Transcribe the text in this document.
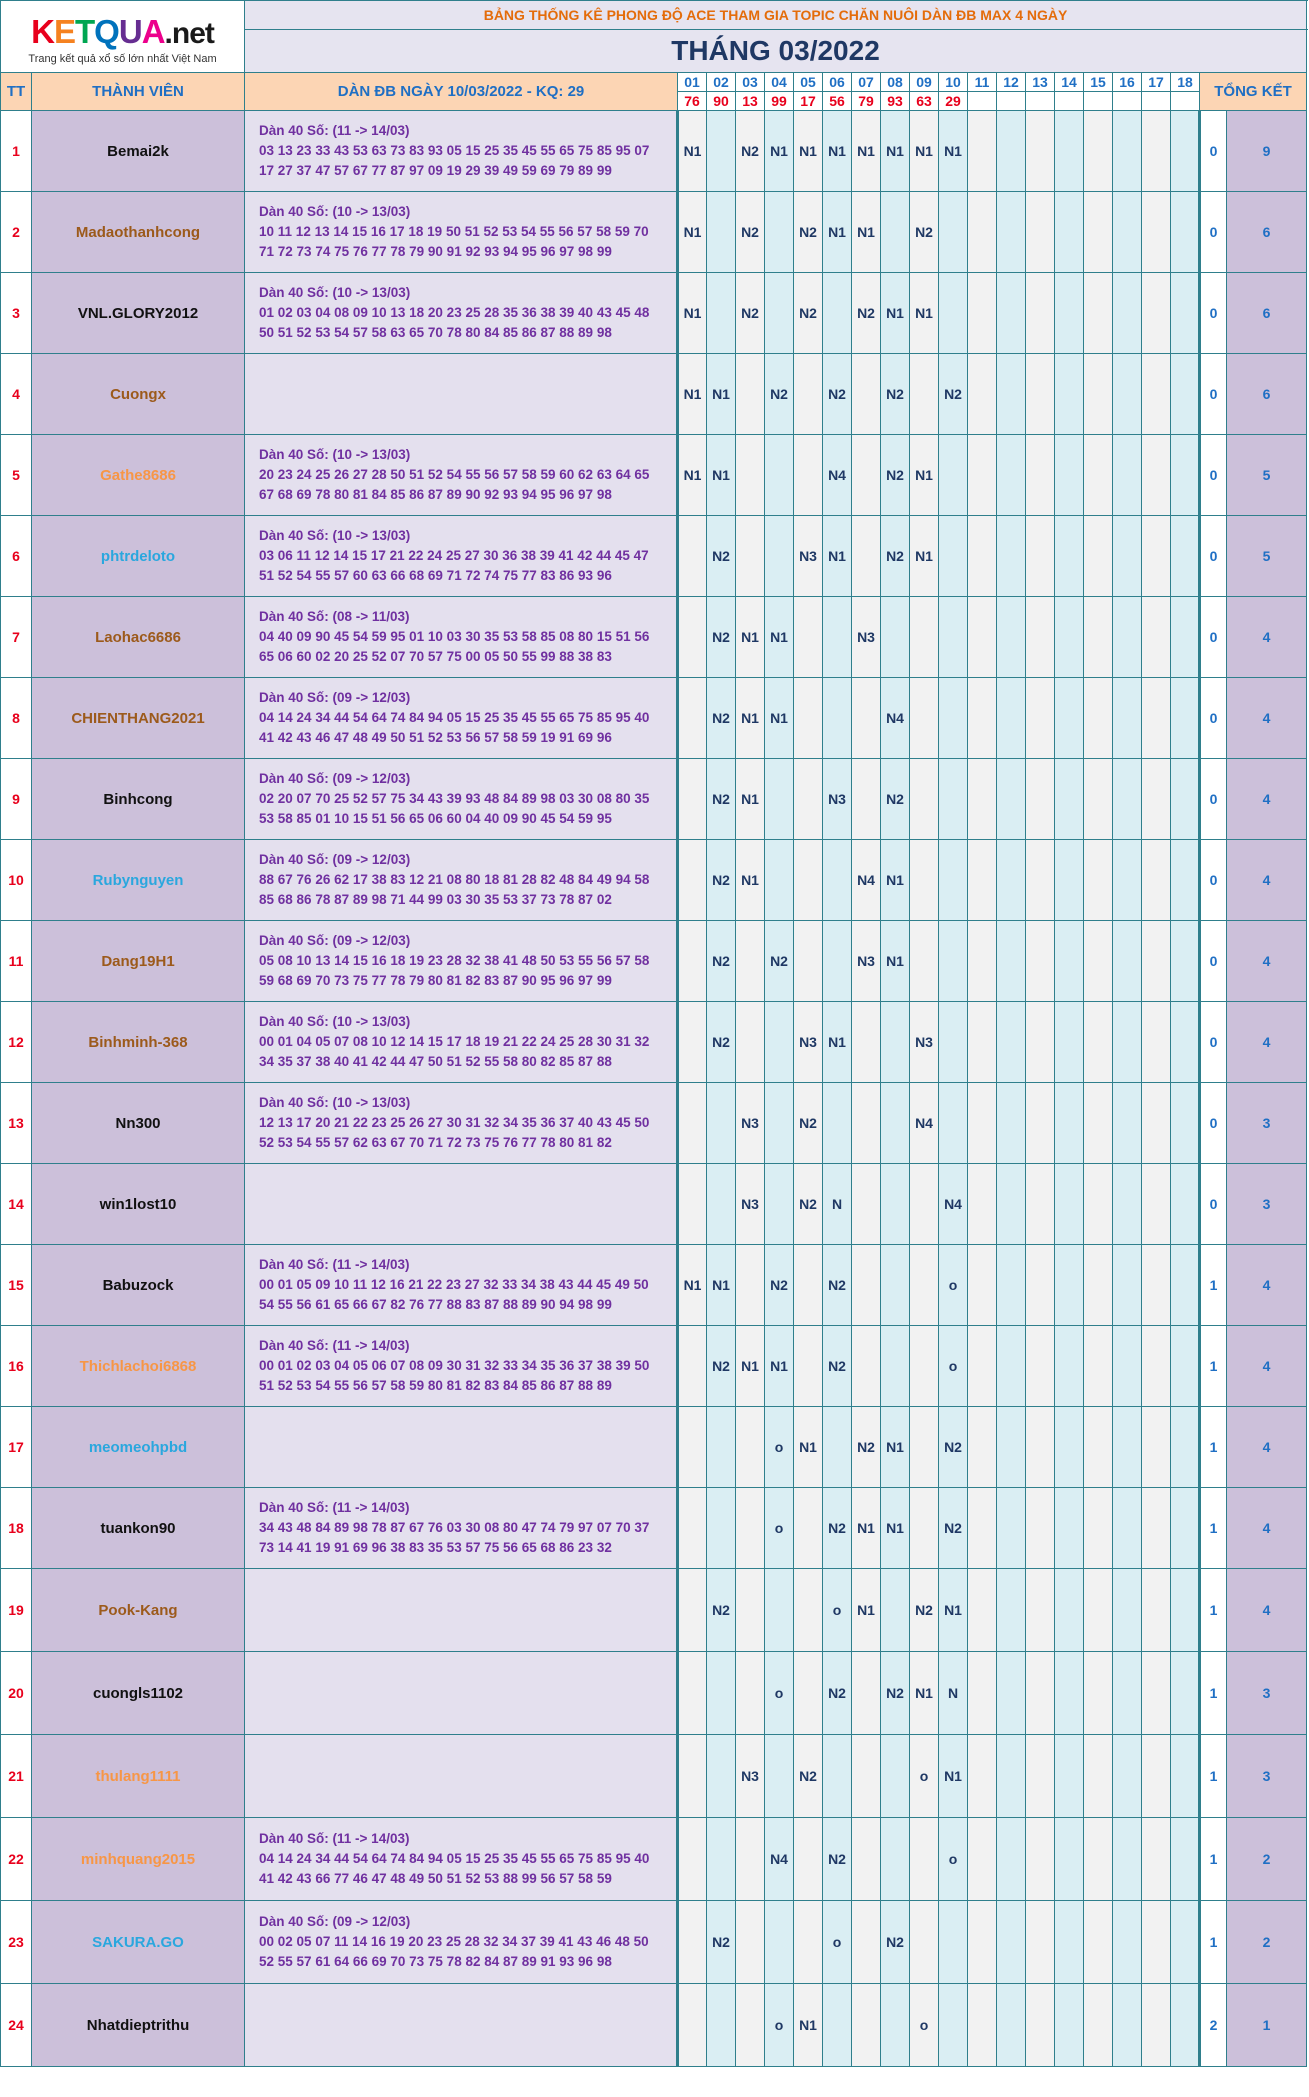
KETQUA.net
Trang kết quả xổ số lớn nhất Việt Nam		BẢNG THỐNG KÊ PHONG ĐỘ ACE THAM GIA TOPIC CHĂN NUÔI DÀN ĐB MAX 4 NGÀY																				
		THÁNG 03/2022																				
TT	THÀNH VIÊN	DÀN ĐB NGÀY 10/03/2022 - KQ: 29	01	02	03	04	05	06	07	08	09	10	11	12	13	14	15	16	17	18	TỔNG KẾT	
			76	90	13	99	17	56	79	93	63	29										
1	Bemai2k	Dàn 40 Số: (11 -> 14/03)
03 13 23 33 43 53 63 73 83 93 05 15 25 35 45 55 65 75 85 95 07
17 27 37 47 57 67 77 87 97 09 19 29 39 49 59 69 79 89 99	N1		N2	N1	N1	N1	N1	N1	N1	N1									0	9
2	Madaothanhcong	Dàn 40 Số: (10 -> 13/03)
10 11 12 13 14 15 16 17 18 19 50 51 52 53 54 55 56 57 58 59 70
71 72 73 74 75 76 77 78 79 90 91 92 93 94 95 96 97 98 99	N1		N2		N2	N1	N1		N2										0	6
3	VNL.GLORY2012	Dàn 40 Số: (10 -> 13/03)
01 02 03 04 08 09 10 13 18 20 23 25 28 35 36 38 39 40 43 45 48
50 51 52 53 54 57 58 63 65 70 78 80 84 85 86 87 88 89 98	N1		N2		N2		N2	N1	N1										0	6
4	Cuongx		N1	N1		N2		N2		N2		N2									0	6
5	Gathe8686	Dàn 40 Số: (10 -> 13/03)
20 23 24 25 26 27 28 50 51 52 54 55 56 57 58 59 60 62 63 64 65
67 68 69 78 80 81 84 85 86 87 89 90 92 93 94 95 96 97 98	N1	N1				N4		N2	N1										0	5
6	phtrdeloto	Dàn 40 Số: (10 -> 13/03)
03 06 11 12 14 15 17 21 22 24 25 27 30 36 38 39 41 42 44 45 47
51 52 54 55 57 60 63 66 68 69 71 72 74 75 77 83 86 93 96		N2			N3	N1		N2	N1										0	5
7	Laohac6686	Dàn 40 Số: (08 -> 11/03)
04 40 09 90 45 54 59 95 01 10 03 30 35 53 58 85 08 80 15 51 56
65 06 60 02 20 25 52 07 70 57 75 00 05 50 55 99 88 38 83		N2	N1	N1			N3												0	4
8	CHIENTHANG2021	Dàn 40 Số: (09 -> 12/03)
04 14 24 34 44 54 64 74 84 94 05 15 25 35 45 55 65 75 85 95 40
41 42 43 46 47 48 49 50 51 52 53 56 57 58 59 19 91 69 96		N2	N1	N1				N4											0	4
9	Binhcong	Dàn 40 Số: (09 -> 12/03)
02 20 07 70 25 52 57 75 34 43 39 93 48 84 89 98 03 30 08 80 35
53 58 85 01 10 15 51 56 65 06 60 04 40 09 90 45 54 59 95		N2	N1			N3		N2											0	4
10	Rubynguyen	Dàn 40 Số: (09 -> 12/03)
88 67 76 26 62 17 38 83 12 21 08 80 18 81 28 82 48 84 49 94 58
85 68 86 78 87 89 98 71 44 99 03 30 35 53 37 73 78 87 02		N2	N1				N4	N1											0	4
11	Dang19H1	Dàn 40 Số: (09 -> 12/03)
05 08 10 13 14 15 16 18 19 23 28 32 38 41 48 50 53 55 56 57 58
59 68 69 70 73 75 77 78 79 80 81 82 83 87 90 95 96 97 99		N2		N2			N3	N1											0	4
12	Binhminh-368	Dàn 40 Số: (10 -> 13/03)
00 01 04 05 07 08 10 12 14 15 17 18 19 21 22 24 25 28 30 31 32
34 35 37 38 40 41 42 44 47 50 51 52 55 58 80 82 85 87 88		N2			N3	N1			N3										0	4
13	Nn300	Dàn 40 Số: (10 -> 13/03)
12 13 17 20 21 22 23 25 26 27 30 31 32 34 35 36 37 40 43 45 50
52 53 54 55 57 62 63 67 70 71 72 73 75 76 77 78 80 81 82			N3		N2				N4										0	3
14	win1lost10				N3		N2	N				N4									0	3
15	Babuzock	Dàn 40 Số: (11 -> 14/03)
00 01 05 09 10 11 12 16 21 22 23 27 32 33 34 38 43 44 45 49 50
54 55 56 61 65 66 67 82 76 77 88 83 87 88 89 90 94 98 99	N1	N1		N2		N2				o									1	4
16	Thichlachoi6868	Dàn 40 Số: (11 -> 14/03)
00 01 02 03 04 05 06 07 08 09 30 31 32 33 34 35 36 37 38 39 50
51 52 53 54 55 56 57 58 59 80 81 82 83 84 85 86 87 88 89		N2	N1	N1		N2				o									1	4
17	meomeohpbd					o	N1		N2	N1		N2									1	4
18	tuankon90	Dàn 40 Số: (11 -> 14/03)
34 43 48 84 89 98 78 87 67 76 03 30 08 80 47 74 79 97 07 70 37
73 14 41 19 91 69 96 38 83 35 53 57 75 56 65 68 86 23 32				o		N2	N1	N1		N2									1	4
19	Pook-Kang			N2				o	N1		N2	N1									1	4
20	cuongls1102					o		N2		N2	N1	N									1	3
21	thulang1111				N3		N2				o	N1									1	3
22	minhquang2015	Dàn 40 Số: (11 -> 14/03)
04 14 24 34 44 54 64 74 84 94 05 15 25 35 45 55 65 75 85 95 40
41 42 43 66 77 46 47 48 49 50 51 52 53 88 99 56 57 58 59				N4		N2				o									1	2
23	SAKURA.GO	Dàn 40 Số: (09 -> 12/03)
00 02 05 07 11 14 16 19 20 23 25 28 32 34 37 39 41 43 46 48 50
52 55 57 61 64 66 69 70 73 75 78 82 84 87 89 91 93 96 98		N2				o		N2											1	2
24	Nhatdieptrithu					o	N1				o										2	1
